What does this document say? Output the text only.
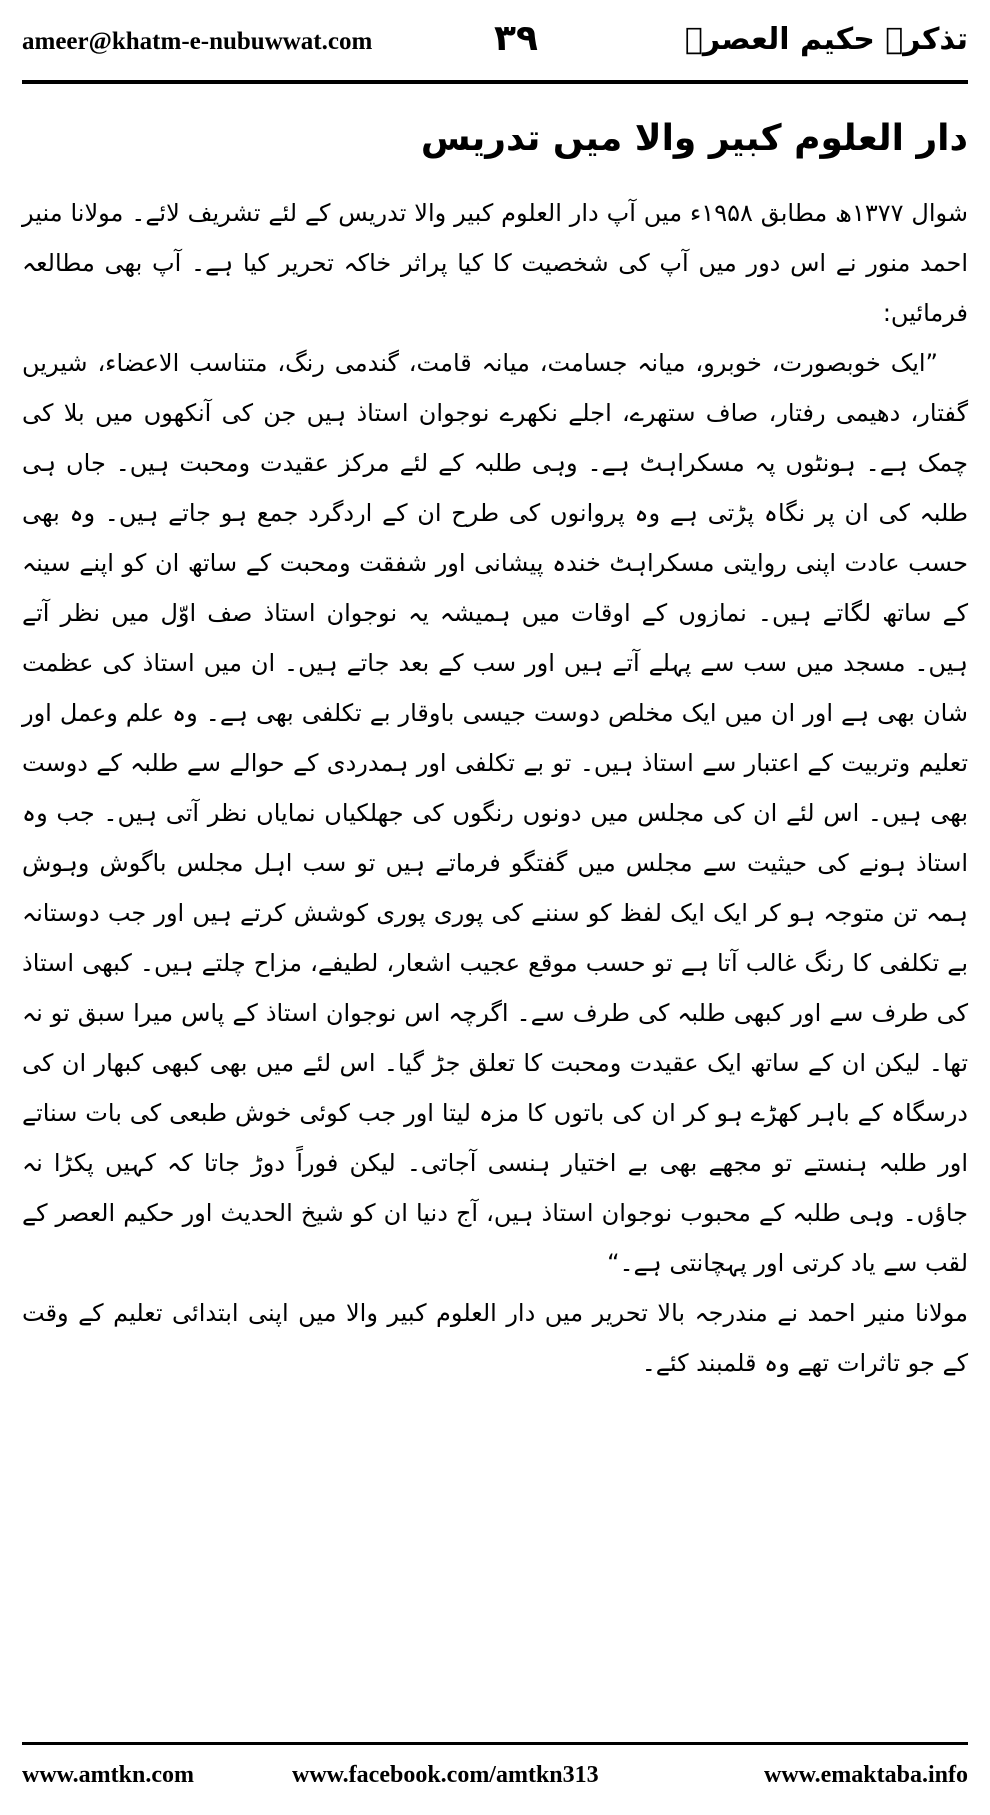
ameer@khatm-e-nubuwwat.com	۳۹	تذکرہ حکیم العصرؒ
دار العلوم کبیر والا میں تدریس

شوال ۱۳۷۷ھ مطابق ۱۹۵۸ء میں آپ دار العلوم کبیر والا تدریس کے لئے تشریف لائے۔ مولانا منیر احمد منور نے اس دور میں آپ کی شخصیت کا کیا پراثر خاکہ تحریر کیا ہے۔ آپ بھی مطالعہ فرمائیں:

”ایک خوبصورت، خوبرو، میانہ جسامت، میانہ قامت، گندمی رنگ، متناسب الاعضاء، شیریں گفتار، دھیمی رفتار، صاف ستھرے، اجلے نکھرے نوجوان استاذ ہیں جن کی آنکھوں میں بلا کی چمک ہے۔ ہونٹوں پہ مسکراہٹ ہے۔ وہی طلبہ کے لئے مرکز عقیدت ومحبت ہیں۔ جاں ہی طلبہ کی ان پر نگاہ پڑتی ہے وہ پروانوں کی طرح ان کے اردگرد جمع ہو جاتے ہیں۔ وہ بھی حسب عادت اپنی روایتی مسکراہٹ خندہ پیشانی اور شفقت ومحبت کے ساتھ ان کو اپنے سینہ کے ساتھ لگاتے ہیں۔ نمازوں کے اوقات میں ہمیشہ یہ نوجوان استاذ صف اوّل میں نظر آتے ہیں۔ مسجد میں سب سے پہلے آتے ہیں اور سب کے بعد جاتے ہیں۔ ان میں استاذ کی عظمت شان بھی ہے اور ان میں ایک مخلص دوست جیسی باوقار بے تکلفی بھی ہے۔ وہ علم وعمل اور تعلیم وتربیت کے اعتبار سے استاذ ہیں۔ تو بے تکلفی اور ہمدردی کے حوالے سے طلبہ کے دوست بھی ہیں۔ اس لئے ان کی مجلس میں دونوں رنگوں کی جھلکیاں نمایاں نظر آتی ہیں۔ جب وہ استاذ ہونے کی حیثیت سے مجلس میں گفتگو فرماتے ہیں تو سب اہل مجلس باگوش وہوش ہمہ تن متوجہ ہو کر ایک ایک لفظ کو سننے کی پوری پوری کوشش کرتے ہیں اور جب دوستانہ بے تکلفی کا رنگ غالب آتا ہے تو حسب موقع عجیب اشعار، لطیفے، مزاح چلتے ہیں۔ کبھی استاذ کی طرف سے اور کبھی طلبہ کی طرف سے۔ اگرچہ اس نوجوان استاذ کے پاس میرا سبق تو نہ تھا۔ لیکن ان کے ساتھ ایک عقیدت ومحبت کا تعلق جڑ گیا۔ اس لئے میں بھی کبھی کبھار ان کی درسگاہ کے باہر کھڑے ہو کر ان کی باتوں کا مزہ لیتا اور جب کوئی خوش طبعی کی بات سناتے اور طلبہ ہنستے تو مجھے بھی بے اختیار ہنسی آجاتی۔ لیکن فوراً دوڑ جاتا کہ کہیں پکڑا نہ جاؤں۔ وہی طلبہ کے محبوب نوجوان استاذ ہیں، آج دنیا ان کو شیخ الحدیث اور حکیم العصر کے لقب سے یاد کرتی اور پہچانتی ہے۔“

مولانا منیر احمد نے مندرجہ بالا تحریر میں دار العلوم کبیر والا میں اپنی ابتدائی تعلیم کے وقت کے جو تاثرات تھے وہ قلمبند کئے۔

www.amtkn.com	www.facebook.com/amtkn313	www.emaktaba.info
